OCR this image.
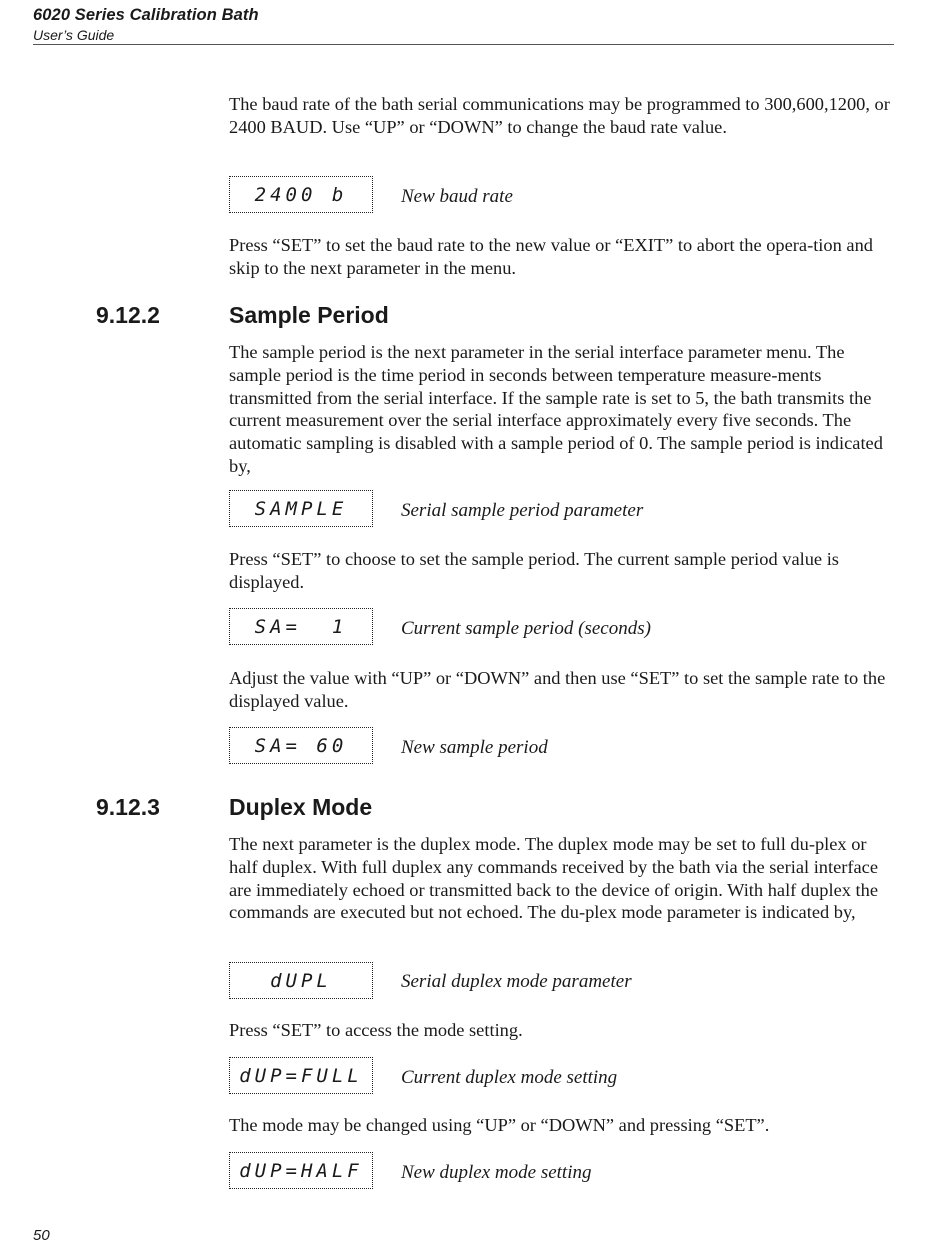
6020 Series Calibration Bath
User’s Guide

The baud rate of the bath serial communications may be programmed to 300,600,1200, or 2400 BAUD. Use “UP” or “DOWN” to change the baud rate value.

2400 b	New baud rate

Press “SET” to set the baud rate to the new value or “EXIT” to abort the opera-tion and skip to the next parameter in the menu.

9.12.2	Sample Period

The sample period is the next parameter in the serial interface parameter menu. The sample period is the time period in seconds between temperature measure-ments transmitted from the serial interface. If the sample rate is set to 5, the bath transmits the current measurement over the serial interface approximately every five seconds. The automatic sampling is disabled with a sample period of 0. The sample period is indicated by,

SAMPLE	Serial sample period parameter

Press “SET” to choose to set the sample period. The current sample period value is displayed.

SA=  1	Current sample period (seconds)

Adjust the value with “UP” or “DOWN” and then use “SET” to set the sample rate to the displayed value.

SA= 60	New sample period
9.12.3	Duplex Mode

The next parameter is the duplex mode. The duplex mode may be set to full du-plex or half duplex. With full duplex any commands received by the bath via the serial interface are immediately echoed or transmitted back to the device of origin. With half duplex the commands are executed but not echoed. The du-plex mode parameter is indicated by,

dUPL	Serial duplex mode parameter

Press “SET” to access the mode setting.

dUP=FULL	Current duplex mode setting

The mode may be changed using “UP” or “DOWN” and pressing “SET”.

dUP=HALF	New duplex mode setting
50
